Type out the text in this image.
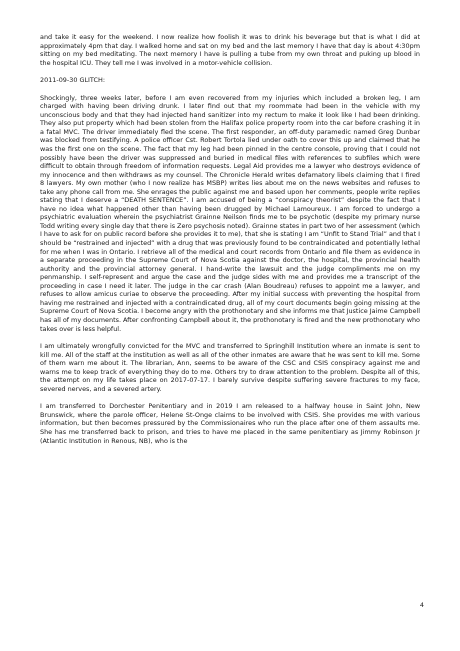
and take it easy for the weekend. I now realize how foolish it was to drink his beverage but that is what I did at approximately 4pm that day. I walked home and sat on my bed and the last memory I have that day is about 4:30pm sitting on my bed meditating. The next memory I have is pulling a tube from my own throat and puking up blood in the hospital ICU. They tell me I was involved in a motor-vehicle collision.

2011-09-30 GLITCH:

Shockingly, three weeks later, before I am even recovered from my injuries which included a broken leg, I am charged with having been driving drunk. I later find out that my roommate had been in the vehicle with my unconscious body and that they had injected hand sanitizer into my rectum to make it look like I had been drinking. They also put property which had been stolen from the Halifax police property room into the car before crashing it in a fatal MVC. The driver immediately fled the scene. The first responder, an off-duty paramedic named Greg Dunbar was blocked from testifying. A police officer Cst. Robert Tortola lied under oath to cover this up and claimed that he was the first one on the scene. The fact that my leg had been pinned in the centre console, proving that I could not possibly have been the driver was suppressed and buried in medical files with references to subfiles which were difficult to obtain through freedom of information requests. Legal Aid provides me a lawyer who destroys evidence of my innocence and then withdraws as my counsel. The Chronicle Herald writes defamatory libels claiming that I fired 8 lawyers. My own mother (who I now realize has MSBP) writes lies about me on the news websites and refuses to take any phone call from me. She enrages the public against me and based upon her comments, people write replies stating that I deserve a “DEATH SENTENCE”. I am accused of being a “conspiracy theorist” despite the fact that I have no idea what happened other than having been drugged by Michael Lamoureux. I am forced to undergo a psychiatric evaluation wherein the psychiatrist Grainne Neilson finds me to be psychotic (despite my primary nurse Todd writing every single day that there is Zero psychosis noted). Grainne states in part two of her assessment (which I have to ask for on public record before she provides it to me), that she is stating I am “Unfit to Stand Trial” and that I should be “restrained and injected” with a drug that was previously found to be contraindicated and potentially lethal for me when I was in Ontario. I retrieve all of the medical and court records from Ontario and file them as evidence in a separate proceeding in the Supreme Court of Nova Scotia against the doctor, the hospital, the provincial health authority and the provincial attorney general. I hand-write the lawsuit and the judge compliments me on my penmanship. I self-represent and argue the case and the judge sides with me and provides me a transcript of the proceeding in case I need it later. The judge in the car crash (Alan Boudreau) refuses to appoint me a lawyer, and refuses to allow amicus curiae to observe the proceeding. After my initial success with preventing the hospital from having me restrained and injected with a contraindicated drug, all of my court documents begin going missing at the Supreme Court of Nova Scotia. I become angry with the prothonotary and she informs me that Justice Jaime Campbell has all of my documents. After confronting Campbell about it, the prothonotary is fired and the new prothonotary who takes over is less helpful.

I am ultimately wrongfully convicted for the MVC and transferred to Springhill Institution where an inmate is sent to kill me. All of the staff at the institution as well as all of the other inmates are aware that he was sent to kill me. Some of them warn me about it. The librarian, Ann, seems to be aware of the CSC and CSIS conspiracy against me and warns me to keep track of everything they do to me. Others try to draw attention to the problem. Despite all of this, the attempt on my life takes place on 2017-07-17. I barely survive despite suffering severe fractures to my face, severed nerves, and a severed artery.

I am transferred to Dorchester Penitentiary and in 2019 I am released to a halfway house in Saint John, New Brunswick, where the parole officer, Helene St-Onge claims to be involved with CSIS. She provides me with various information, but then becomes pressured by the Commissionaires who run the place after one of them assaults me. She has me transferred back to prison, and tries to have me placed in the same penitentiary as Jimmy Robinson Jr (Atlantic Institution in Renous, NB), who is the

4
